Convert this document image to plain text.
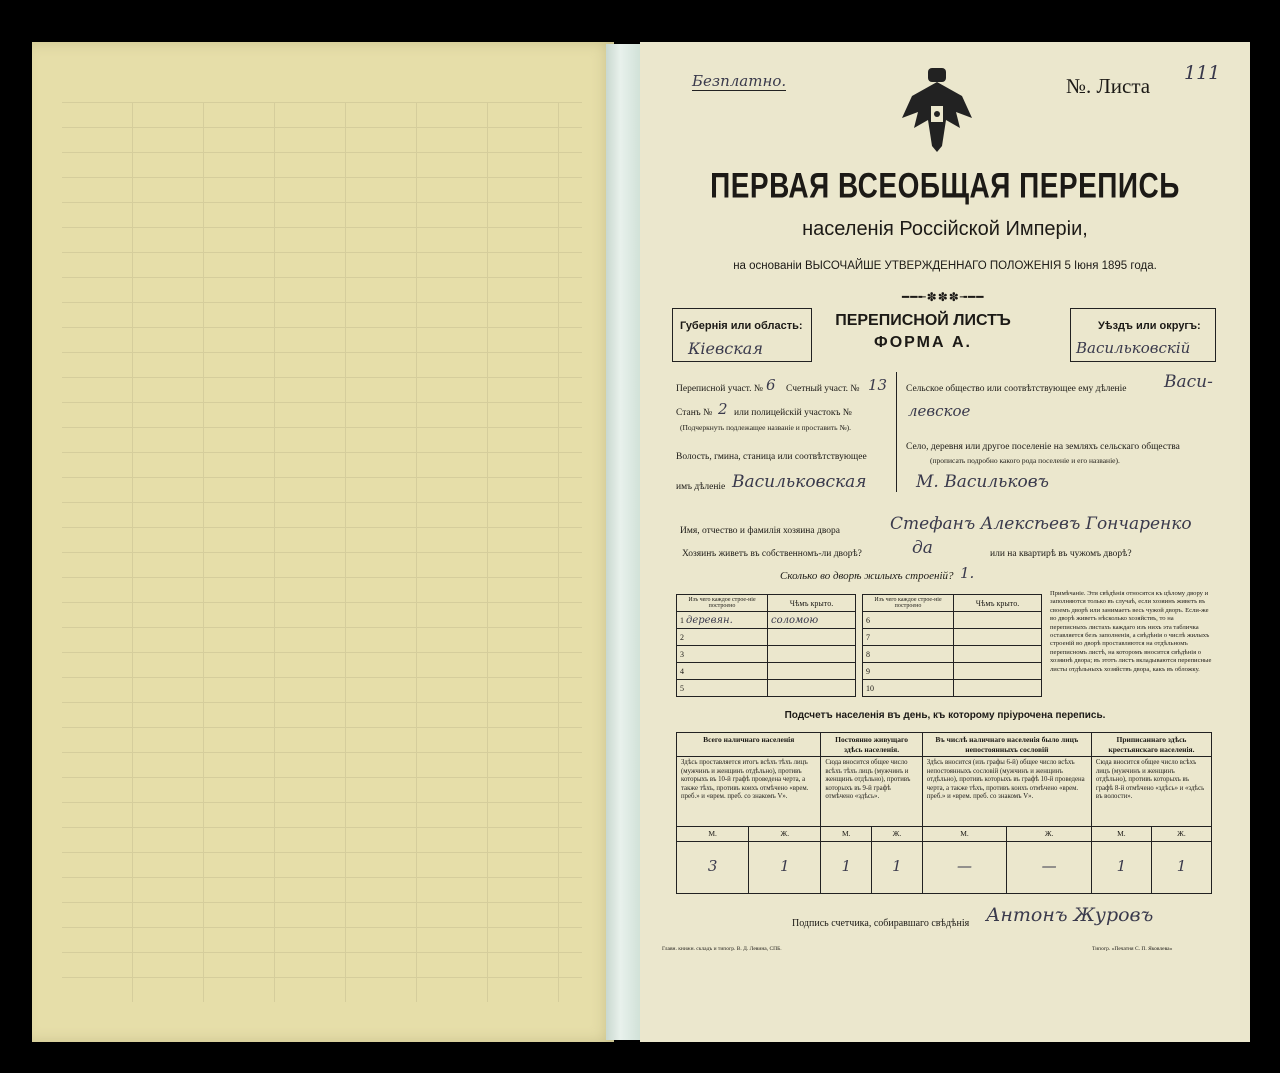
Безплатно.	№. Листа
111
ПЕРВАЯ ВСЕОБЩАЯ ПЕРЕПИСЬ
населенія Россійской Имперіи,
на основаніи ВЫСОЧАЙШЕ УТВЕРЖДЕННАГО ПОЛОЖЕНІЯ 5 Іюня 1895 года.
━━╾✽✽✽╼━━
Губернія или область:
Кіевская
ПЕРЕПИСНОЙ ЛИСТЪ
ФОРМА А.
Уѣздъ или округъ:
Васильковскій
Переписной участ. № 6 Счетный участ. № 13
Станъ № 2 или полицейскій участокъ №
(Подчеркнуть подлежащее названіе и проставить №).
Волость, гмина, станица или соотвѣтствующее
имъ дѣленіе Васильковская
Сельское общество или соотвѣтствующее ему дѣленіе Васи-
левское
Село, деревня или другое поселеніе на земляхъ сельскаго общества
(прописать подробно какого рода поселеніе и его названіе).
М. Васильковъ
Имя, отчество и фамилія хозяина двора	Стефанъ Алексѣевъ Гончаренко
Хозяинъ живетъ въ собственномъ-ли дворѣ?	да	или на квартирѣ въ чужомъ дворѣ?
Сколько во дворѣ жилыхъ строеній? 1.
Изъ чего каждое строе-ніе построено	Чѣмъ крыто.
1 деревян.	соломою
2	
3	
4	
5	
Изъ чего каждое строе-ніе построено	Чѣмъ крыто.
6	
7	
8	
9	
10	
Примѣчаніе. Эти свѣдѣнія относятся къ цѣлому двору и заполняются только въ случаѣ, если хозяинъ живетъ въ своемъ дворѣ или занимаетъ весь чужой дворъ. Если-же во дворѣ живетъ нѣсколько хозяйствъ, то на переписныхъ листахъ каждаго изъ нихъ эта табличка оставляется безъ заполненія, а свѣдѣнія о числѣ жилыхъ строеній во дворѣ проставляются на отдѣльномъ переписномъ листѣ, на которомъ вносится свѣдѣнія о хозяинѣ двора; въ этотъ листъ вкладываются переписные листы отдѣльныхъ хозяйствъ двора, какъ въ обложку.
Подсчетъ населенія въ день, къ которому пріурочена перепись.
Всего наличнаго населенія		Постоянно живущаго здѣсь населенія.		Въ числѣ наличнаго населенія было лицъ непостоянныхъ сословій		Приписаннаго здѣсь крестьянскаго населенія.	
Здѣсь проставляется итогъ всѣхъ тѣхъ лицъ (мужчинъ и женщинъ отдѣльно), противъ которыхъ въ 10-й графѣ проведена черта, а также тѣхъ, противъ коихъ отмѣчено «врем. преб.» и «врем. преб. со знакомъ V».		Сюда вносится общее число всѣхъ тѣхъ лицъ (мужчинъ и женщинъ отдѣльно), противъ которыхъ въ 9-й графѣ отмѣчено «здѣсь».		Здѣсь вносится (изъ графы 6-й) общее число всѣхъ непостоянныхъ сословій (мужчинъ и женщинъ отдѣльно), противъ которыхъ въ графѣ 10-й проведена черта, а также тѣхъ, противъ коихъ отмѣчено «врем. преб.» и «врем. преб. со знакомъ V».		Сюда вносится общее число всѣхъ лицъ (мужчинъ и женщинъ отдѣльно), противъ которыхъ въ графѣ 8-й отмѣчено «здѣсь» и «здѣсь въ волости».	
М.	Ж.	М.	Ж.	М.	Ж.	М.	Ж.
3	1	1	1	—	—	1	1
Подпись счетчика, собиравшаго свѣдѣнія Антонъ Журовъ
Главн. книжн. складъ и типогр. В. Д. Левина, СПБ.	Типогр. «Печатня С. П. Яковлева»
